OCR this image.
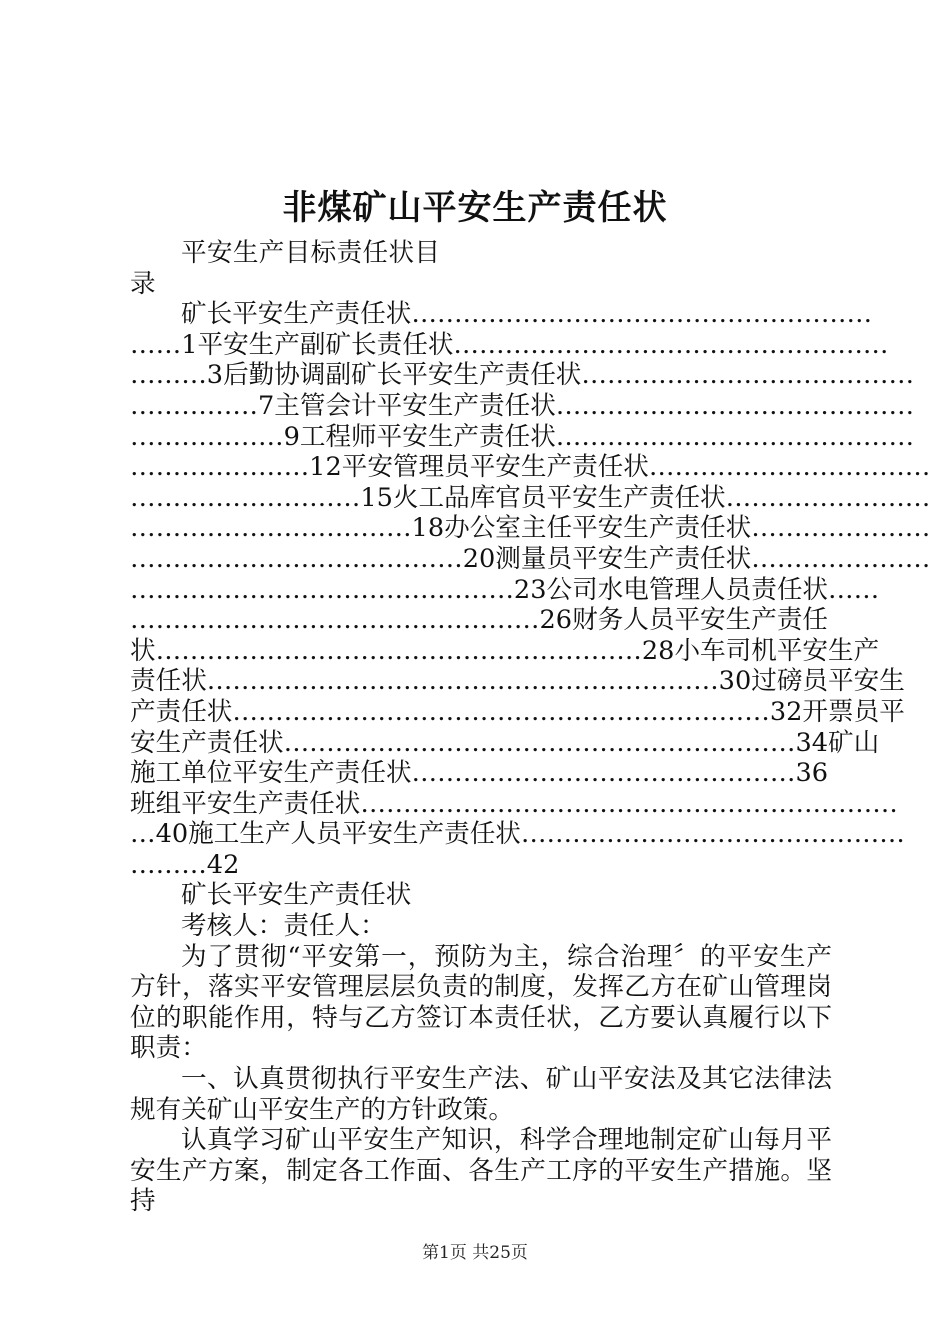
非煤矿山平安生产责任状

平安生产目标责任状目录

矿长平安生产责任状………………………………………………
……1平安生产副矿长责任状……………………………………………
………3后勤协调副矿长平安生产责任状…………………………………
……………7主管会计平安生产责任状……………………………………
………………9工程师平安生产责任状……………………………………
…………………12平安管理员平安生产责任状……………………………
………………………15火工品库官员平安生产责任状……………………
……………………………18办公室主任平安生产责任状…………………
…………………………………20测量员平安生产责任状…………………
………………………………………23公司水电管理人员责任状……
…………………………………………26财务人员平安生产责任
状…………………………………………………28小车司机平安生产
责任状……………………………………………………30过磅员平安生
产责任状………………………………………………………32开票员平
安生产责任状……………………………………………………34矿山
施工单位平安生产责任状………………………………………36
班组平安生产责任状………………………………………………………
…40施工生产人员平安生产责任状………………………………………
………42

矿长平安生产责任状

考核人：责任人：

为了贯彻“平安第一，预防为主，综合治理〞的平安生产方针，落实平安管理层层负责的制度，发挥乙方在矿山管理岗位的职能作用，特与乙方签订本责任状，乙方要认真履行以下职责：

一、认真贯彻执行平安生产法、矿山平安法及其它法律法规有关矿山平安生产的方针政策。

认真学习矿山平安生产知识，科学合理地制定矿山每月平安生产方案，制定各工作面、各生产工序的平安生产措施。坚持

第1页 共25页
